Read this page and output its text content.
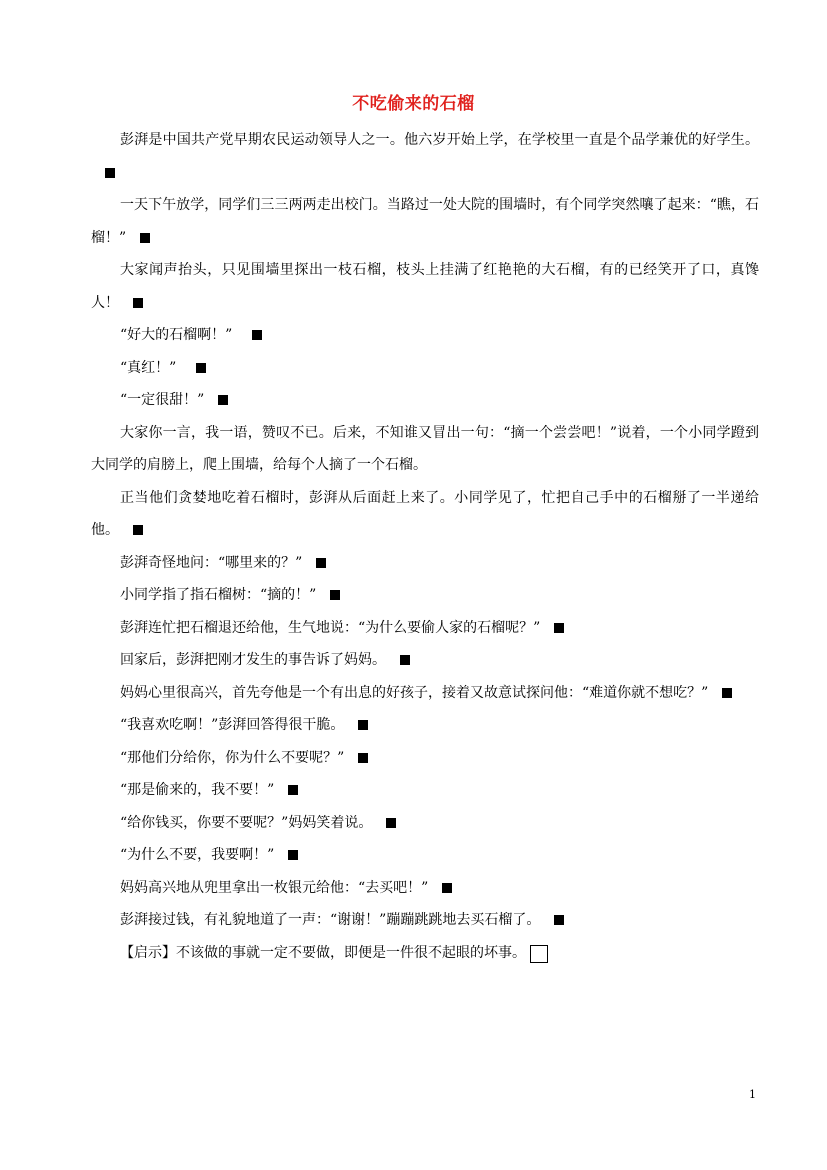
不吃偷来的石榴

彭湃是中国共产党早期农民运动领导人之一。他六岁开始上学，在学校里一直是个品学兼优的好学生。

一天下午放学，同学们三三两两走出校门。当路过一处大院的围墙时，有个同学突然嚷了起来：“瞧，石榴！”

大家闻声抬头，只见围墙里探出一枝石榴，枝头上挂满了红艳艳的大石榴，有的已经笑开了口，真馋人！

“好大的石榴啊！”

“真红！”

“一定很甜！”

大家你一言，我一语，赞叹不已。后来，不知谁又冒出一句：“摘一个尝尝吧！”说着，一个小同学蹬到大同学的肩膀上，爬上围墙，给每个人摘了一个石榴。

正当他们贪婪地吃着石榴时，彭湃从后面赶上来了。小同学见了，忙把自己手中的石榴掰了一半递给他。

彭湃奇怪地问：“哪里来的？”

小同学指了指石榴树：“摘的！”

彭湃连忙把石榴退还给他，生气地说：“为什么要偷人家的石榴呢？”

回家后，彭湃把刚才发生的事告诉了妈妈。

妈妈心里很高兴，首先夸他是一个有出息的好孩子，接着又故意试探问他：“难道你就不想吃？”

“我喜欢吃啊！”彭湃回答得很干脆。

“那他们分给你，你为什么不要呢？”

“那是偷来的，我不要！”

“给你钱买，你要不要呢？”妈妈笑着说。

“为什么不要，我要啊！”

妈妈高兴地从兜里拿出一枚银元给他：“去买吧！”

彭湃接过钱，有礼貌地道了一声：“谢谢！”蹦蹦跳跳地去买石榴了。

【启示】不该做的事就一定不要做，即便是一件很不起眼的坏事。

1
